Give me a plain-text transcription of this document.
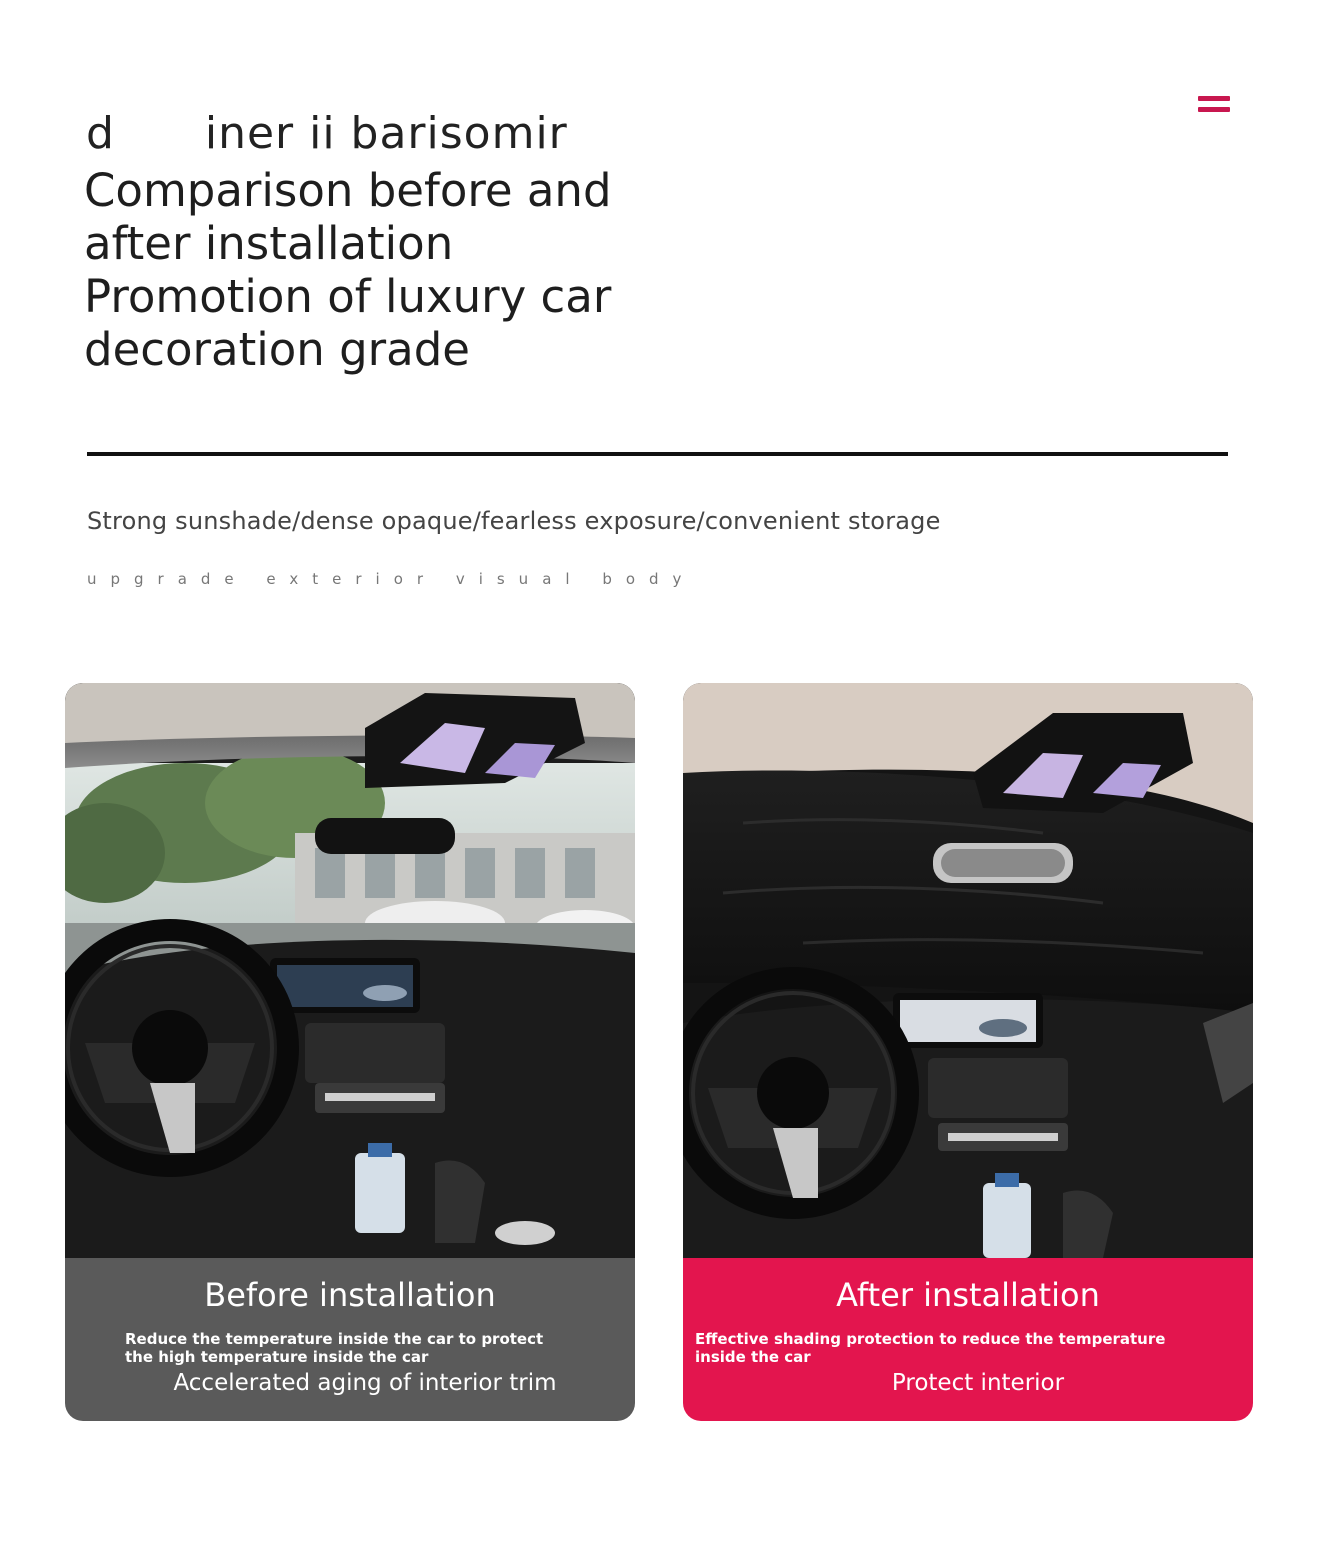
d      iner ii barisomir
Comparison before and
after installation
Promotion of luxury car
decoration grade
Strong sunshade/dense opaque/fearless exposure/convenient storage
upgrade exterior visual body
Before installation
Reduce the temperature inside the car to protect the high temperature inside the car
Accelerated aging of interior trim
After installation
Effective shading protection to reduce the temperature inside the car
Protect interior
